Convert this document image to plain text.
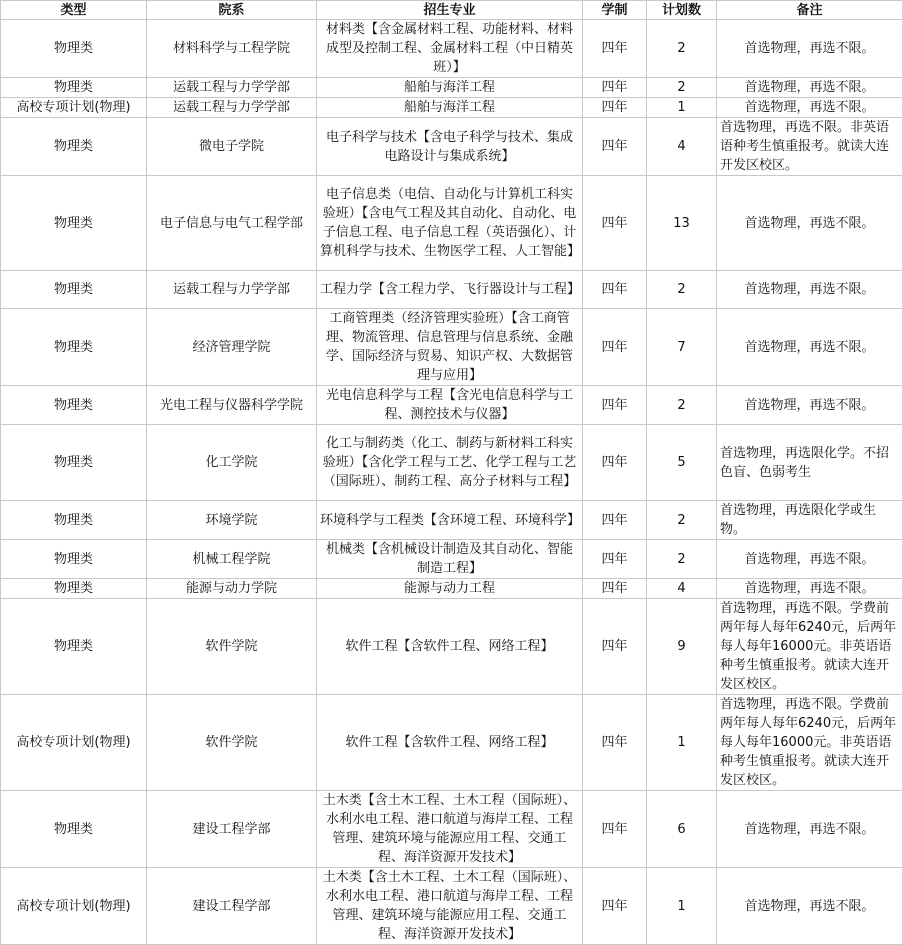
类型	院系	招生专业	学制	计划数	备注
物理类	材料科学与工程学院	材料类【含金属材料工程、功能材料、材料成型及控制工程、金属材料工程（中日精英班）】	四年	2	首选物理，再选不限。
物理类	运载工程与力学学部	船舶与海洋工程	四年	2	首选物理，再选不限。
高校专项计划(物理)	运载工程与力学学部	船舶与海洋工程	四年	1	首选物理，再选不限。
物理类	微电子学院	电子科学与技术【含电子科学与技术、集成电路设计与集成系统】	四年	4	首选物理，再选不限。非英语语种考生慎重报考。就读大连开发区校区。
物理类	电子信息与电气工程学部	电子信息类（电信、自动化与计算机工科实验班）【含电气工程及其自动化、自动化、电子信息工程、电子信息工程（英语强化）、计算机科学与技术、生物医学工程、人工智能】	四年	13	首选物理，再选不限。
物理类	运载工程与力学学部	工程力学【含工程力学、飞行器设计与工程】	四年	2	首选物理，再选不限。
物理类	经济管理学院	工商管理类（经济管理实验班）【含工商管理、物流管理、信息管理与信息系统、金融学、国际经济与贸易、知识产权、大数据管理与应用】	四年	7	首选物理，再选不限。
物理类	光电工程与仪器科学学院	光电信息科学与工程【含光电信息科学与工程、测控技术与仪器】	四年	2	首选物理，再选不限。
物理类	化工学院	化工与制药类（化工、制药与新材料工科实验班）【含化学工程与工艺、化学工程与工艺（国际班）、制药工程、高分子材料与工程】	四年	5	首选物理，再选限化学。不招色盲、色弱考生
物理类	环境学院	环境科学与工程类【含环境工程、环境科学】	四年	2	首选物理，再选限化学或生物。
物理类	机械工程学院	机械类【含机械设计制造及其自动化、智能制造工程】	四年	2	首选物理，再选不限。
物理类	能源与动力学院	能源与动力工程	四年	4	首选物理，再选不限。
物理类	软件学院	软件工程【含软件工程、网络工程】	四年	9	首选物理，再选不限。学费前两年每人每年6240元，后两年每人每年16000元。非英语语种考生慎重报考。就读大连开发区校区。
高校专项计划(物理)	软件学院	软件工程【含软件工程、网络工程】	四年	1	首选物理，再选不限。学费前两年每人每年6240元，后两年每人每年16000元。非英语语种考生慎重报考。就读大连开发区校区。
物理类	建设工程学部	土木类【含土木工程、土木工程（国际班）、水利水电工程、港口航道与海岸工程、工程管理、建筑环境与能源应用工程、交通工程、海洋资源开发技术】	四年	6	首选物理，再选不限。
高校专项计划(物理)	建设工程学部	土木类【含土木工程、土木工程（国际班）、水利水电工程、港口航道与海岸工程、工程管理、建筑环境与能源应用工程、交通工程、海洋资源开发技术】	四年	1	首选物理，再选不限。
